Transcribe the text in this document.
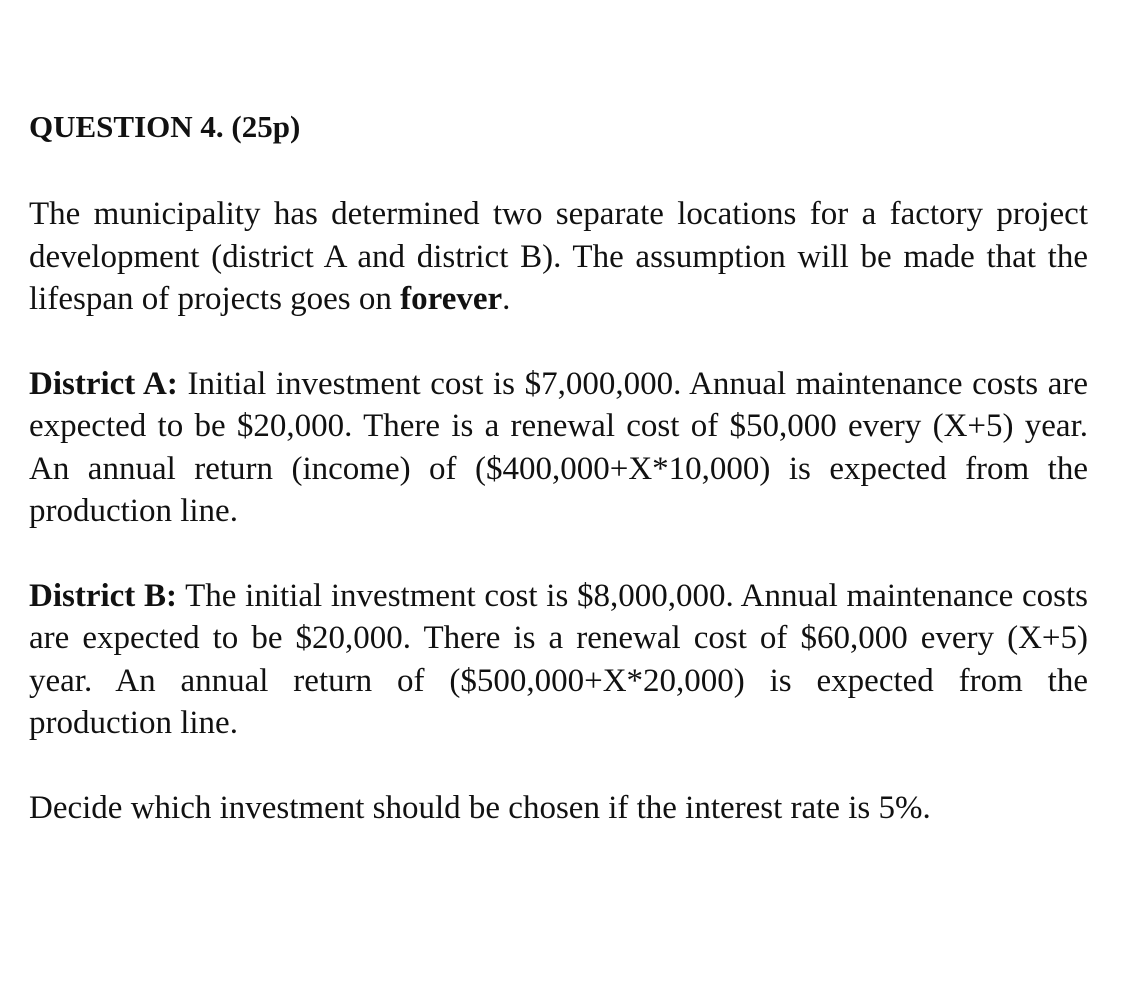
QUESTION 4. (25p)

The municipality has determined two separate locations for a factory project development (district A and district B). The assumption will be made that the lifespan of projects goes on forever.

District A: Initial investment cost is $7,000,000. Annual maintenance costs are expected to be $20,000. There is a renewal cost of $50,000 every (X+5) year. An annual return (income) of ($400,000+X*10,000) is expected from the production line.

District B: The initial investment cost is $8,000,000. Annual maintenance costs are expected to be $20,000. There is a renewal cost of $60,000 every (X+5) year. An annual return of ($500,000+X*20,000) is expected from the production line.

Decide which investment should be chosen if the interest rate is 5%.
